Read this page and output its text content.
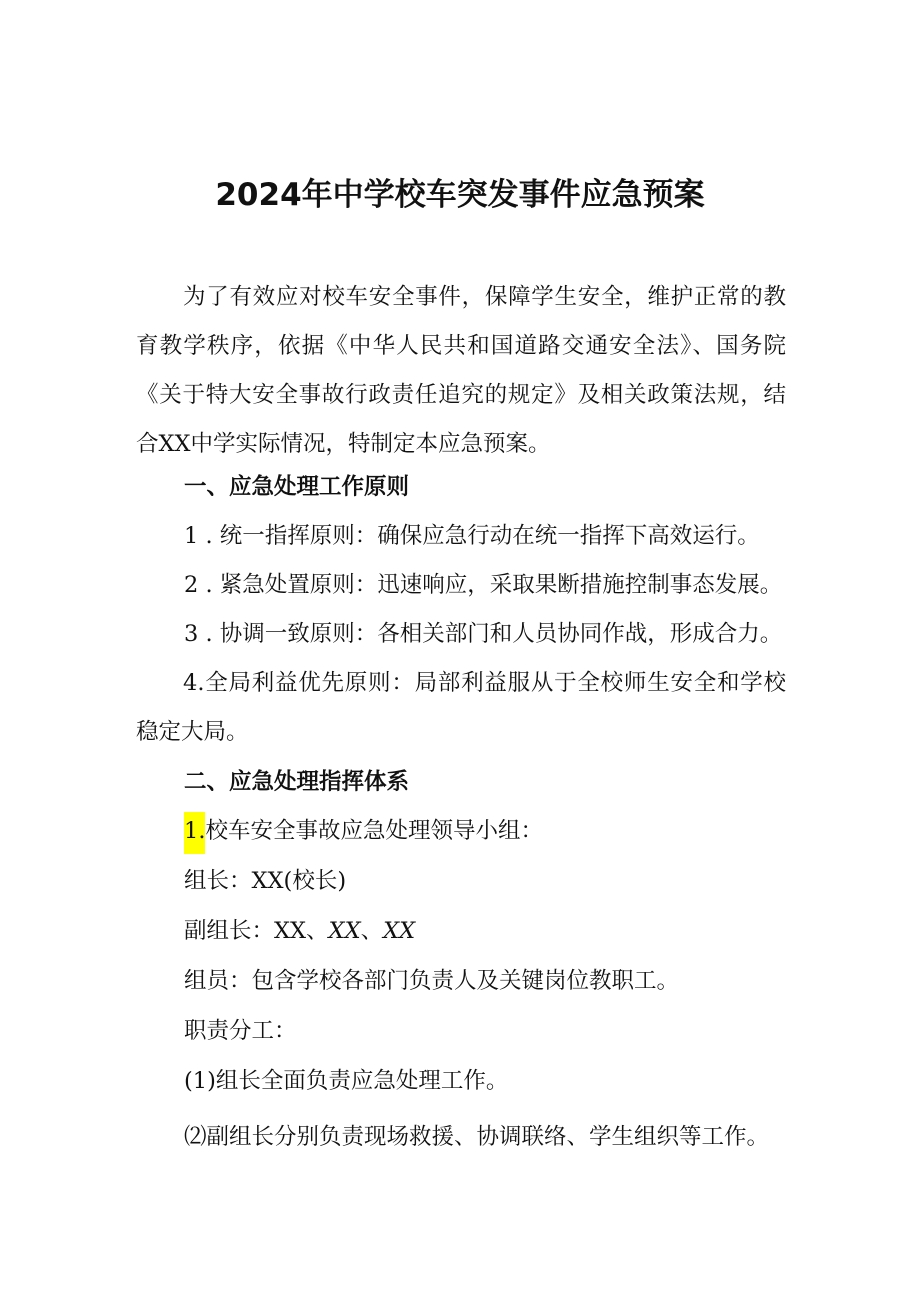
2024年中学校车突发事件应急预案

为了有效应对校车安全事件，保障学生安全，维护正常的教育教学秩序，依据《中华人民共和国道路交通安全法》、国务院《关于特大安全事故行政责任追究的规定》及相关政策法规，结合XX中学实际情况，特制定本应急预案。

一、应急处理工作原则

1 . 统一指挥原则：确保应急行动在统一指挥下高效运行。

2 . 紧急处置原则：迅速响应，采取果断措施控制事态发展。

3 . 协调一致原则：各相关部门和人员协同作战，形成合力。

4.全局利益优先原则：局部利益服从于全校师生安全和学校稳定大局。

二、应急处理指挥体系

1.校车安全事故应急处理领导小组：

组长：XX(校长)

副组长：XX、XX、XX

组员：包含学校各部门负责人及关键岗位教职工。

职责分工：

(1)组长全面负责应急处理工作。

⑵副组长分别负责现场救援、协调联络、学生组织等工作。
